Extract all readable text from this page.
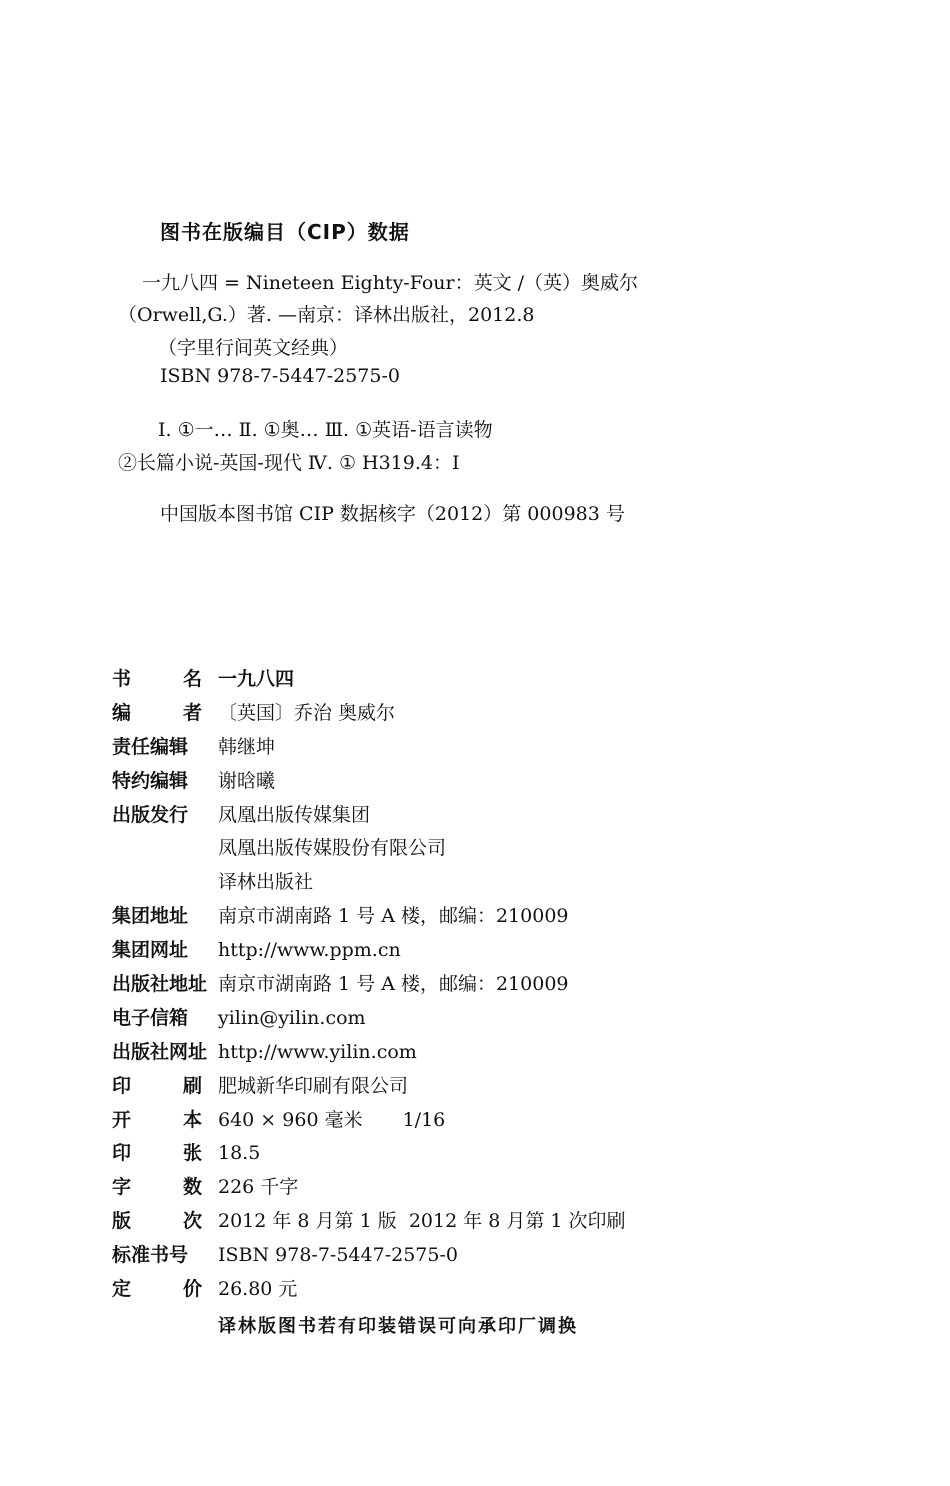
图书在版编目（CIP）数据
一九八四 = Nineteen Eighty-Four：英文 /（英）奥威尔
（Orwell,G.）著. —南京：译林出版社，2012.8
（字里行间英文经典）
ISBN 978-7-5447-2575-0
Ⅰ. ①一… Ⅱ. ①奥… Ⅲ. ①英语-语言读物
②长篇小说-英国-现代 Ⅳ. ① H319.4：I
中国版本图书馆 CIP 数据核字（2012）第 000983 号
书	名 一九八四
编	者 〔英国〕乔治 奥威尔
责任编辑	韩继坤
特约编辑	谢晗曦
出版发行	凤凰出版传媒集团
凤凰出版传媒股份有限公司
译林出版社
集团地址	南京市湖南路 1 号 A 楼，邮编：210009
集团网址	http://www.ppm.cn
出版社地址 南京市湖南路 1 号 A 楼，邮编：210009
电子信箱	yilin@yilin.com
出版社网址 http://www.yilin.com
印	刷 肥城新华印刷有限公司
开	本 640 × 960 毫米 1/16
印	张 18.5
字	数 226 千字
版	次 2012 年 8 月第 1 版 2012 年 8 月第 1 次印刷
标准书号	ISBN 978-7-5447-2575-0
定	价 26.80 元
译林版图书若有印装错误可向承印厂调换
